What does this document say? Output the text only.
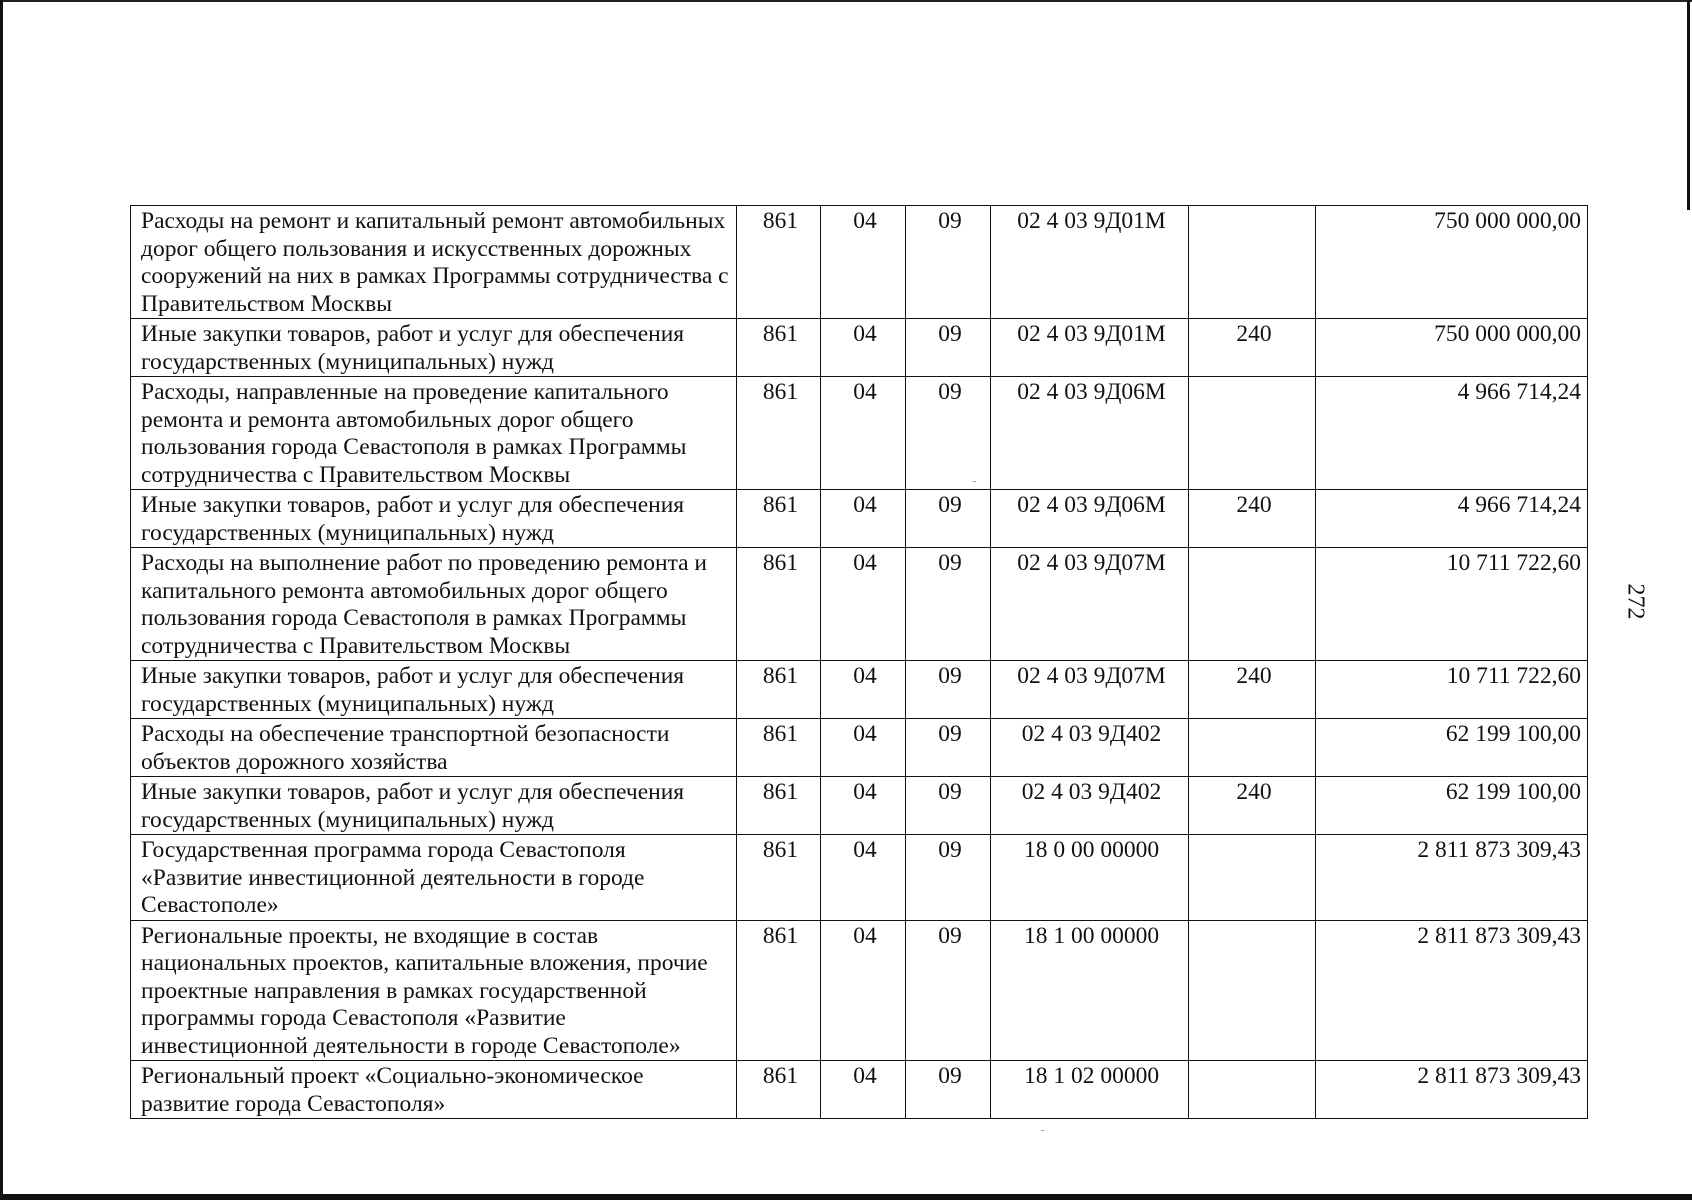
272
Расходы на ремонт и капитальный ремонт автомобильных дорог общего пользования и искусственных дорожных сооружений на них в рамках Программы сотрудничества с Правительством Москвы	861	04	09	02 4 03 9Д01М		750 000 000,00
Иные закупки товаров, работ и услуг для обеспечения государственных (муниципальных) нужд	861	04	09	02 4 03 9Д01М	240	750 000 000,00
Расходы, направленные на проведение капитального ремонта и ремонта автомобильных дорог общего пользования города Севастополя в рамках Программы сотрудничества с Правительством Москвы	861	04	09	02 4 03 9Д06М		4 966 714,24
Иные закупки товаров, работ и услуг для обеспечения государственных (муниципальных) нужд	861	04	09	02 4 03 9Д06М	240	4 966 714,24
Расходы на выполнение работ по проведению ремонта и капитального ремонта автомобильных дорог общего пользования города Севастополя в рамках Программы сотрудничества с Правительством Москвы	861	04	09	02 4 03 9Д07М		10 711 722,60
Иные закупки товаров, работ и услуг для обеспечения государственных (муниципальных) нужд	861	04	09	02 4 03 9Д07М	240	10 711 722,60
Расходы на обеспечение транспортной безопасности объектов дорожного хозяйства	861	04	09	02 4 03 9Д402		62 199 100,00
Иные закупки товаров, работ и услуг для обеспечения государственных (муниципальных) нужд	861	04	09	02 4 03 9Д402	240	62 199 100,00
Государственная программа города Севастополя «Развитие инвестиционной деятельности в городе Севастополе»	861	04	09	18 0 00 00000		2 811 873 309,43
Региональные проекты, не входящие в состав национальных проектов, капитальные вложения, прочие проектные направления в рамках государственной программы города Севастополя «Развитие инвестиционной деятельности в городе Севастополе»	861	04	09	18 1 00 00000		2 811 873 309,43
Региональный проект «Социально-экономическое развитие города Севастополя»	861	04	09	18 1 02 00000		2 811 873 309,43
